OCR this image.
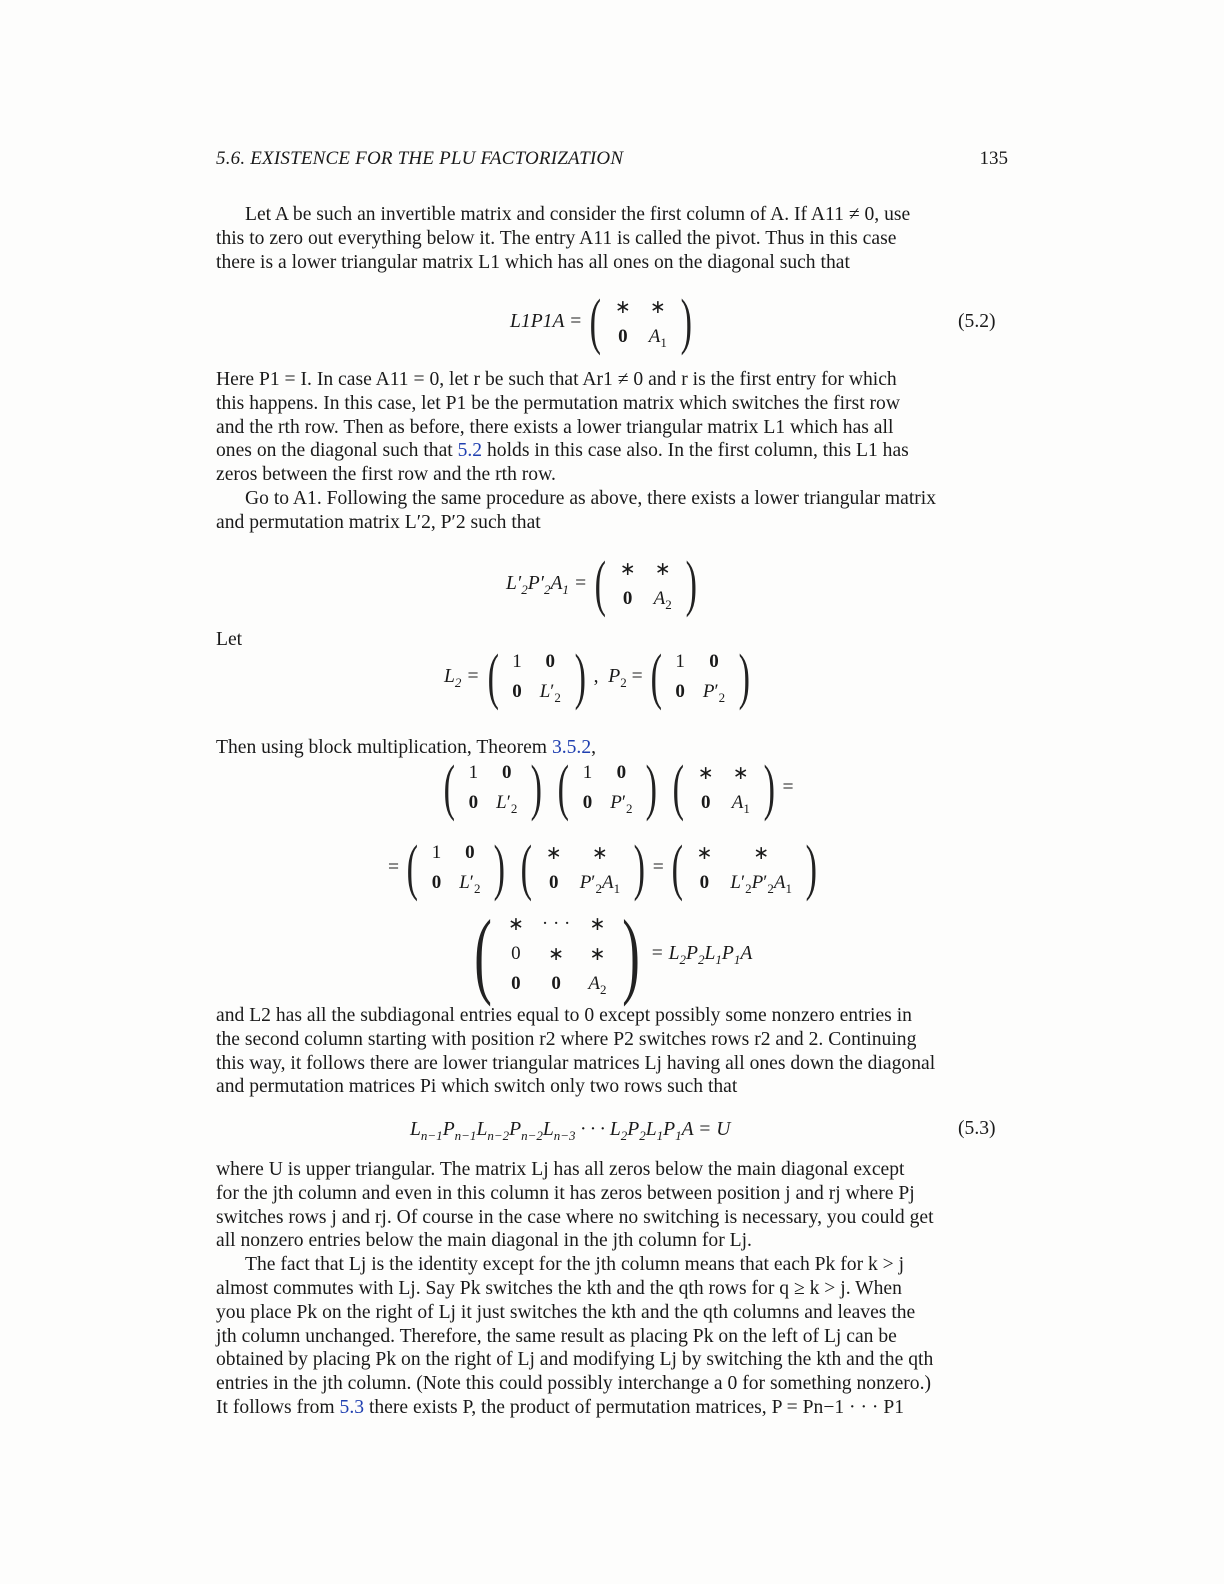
5.6. EXISTENCE FOR THE PLU FACTORIZATION	135

Let A be such an invertible matrix and consider the first column of A. If A11 ≠ 0, use

this to zero out everything below it. The entry A11 is called the pivot. Thus in this case

there is a lower triangular matrix L1 which has all ones on the diagonal such that

L1P1A = ( ∗	∗
0	$A_1$ )	(5.2)

Here P1 = I. In case A11 = 0, let r be such that Ar1 ≠ 0 and r is the first entry for which

this happens. In this case, let P1 be the permutation matrix which switches the first row

and the rth row. Then as before, there exists a lower triangular matrix L1 which has all

ones on the diagonal such that 5.2 holds in this case also. In the first column, this L1 has

zeros between the first row and the rth row.

Go to A1. Following the same procedure as above, there exists a lower triangular matrix

and permutation matrix L′2, P′2 such that

$L'_2P'_2A_1$ = ( ∗	∗
0	$A_2$ )
Let
$L_2$ = ( 1	0
0	$L'_2$ ) ,  $P_2$ = ( 1	0
0	$P'_2$ )

Then using block multiplication, Theorem 3.5.2,

( 1	0
0	$L'_2$ ) ( 1	0
0	$P'_2$ ) ( ∗	∗
0	$A_1$ ) =
= ( 1	0
0	$L'_2$ ) ( ∗	∗
0	$P'_2A_1$ ) = ( ∗	∗
0	$L'_2P'_2A_1$ )
( ∗	· · ·	∗
0	∗	∗
0	0	$A_2$ ) = $L_2P_2L_1P_1A$

and L2 has all the subdiagonal entries equal to 0 except possibly some nonzero entries in

the second column starting with position r2 where P2 switches rows r2 and 2. Continuing

this way, it follows there are lower triangular matrices Lj having all ones down the diagonal

and permutation matrices Pi which switch only two rows such that

$L_{n-1}P_{n-1}L_{n-2}P_{n-2}L_{n-3}$ · · · $L_2P_2L_1P_1A = U$	(5.3)

where U is upper triangular. The matrix Lj has all zeros below the main diagonal except

for the jth column and even in this column it has zeros between position j and rj where Pj

switches rows j and rj. Of course in the case where no switching is necessary, you could get

all nonzero entries below the main diagonal in the jth column for Lj.

The fact that Lj is the identity except for the jth column means that each Pk for k > j

almost commutes with Lj. Say Pk switches the kth and the qth rows for q ≥ k > j. When

you place Pk on the right of Lj it just switches the kth and the qth columns and leaves the

jth column unchanged. Therefore, the same result as placing Pk on the left of Lj can be

obtained by placing Pk on the right of Lj and modifying Lj by switching the kth and the qth

entries in the jth column. (Note this could possibly interchange a 0 for something nonzero.)

It follows from 5.3 there exists P, the product of permutation matrices, P = Pn−1 · · · P1
